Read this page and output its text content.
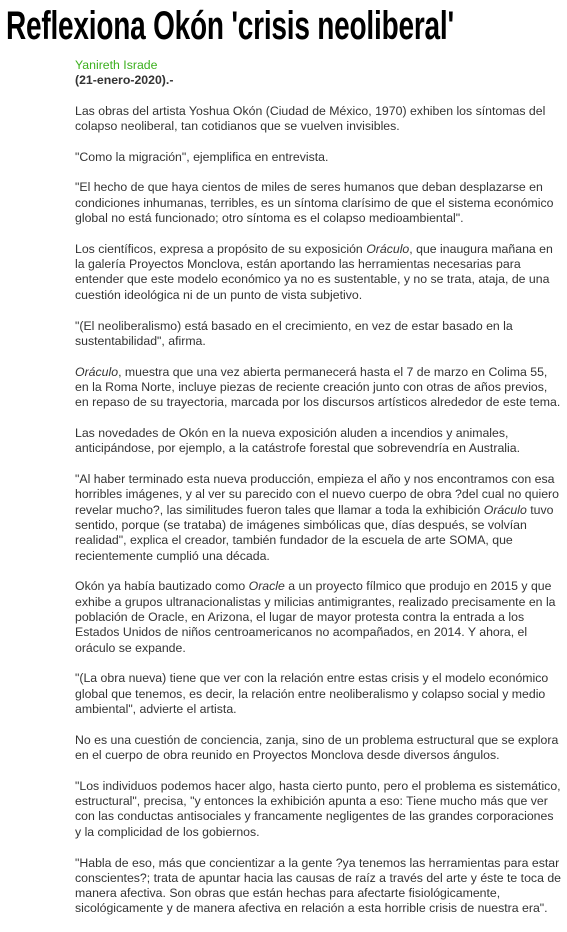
Reflexiona Okón 'crisis neoliberal'
Yanireth Israde
(21-enero-2020).-

Las obras del artista Yoshua Okón (Ciudad de México, 1970) exhiben los síntomas del colapso neoliberal, tan cotidianos que se vuelven invisibles.

"Como la migración", ejemplifica en entrevista.

"El hecho de que haya cientos de miles de seres humanos que deban desplazarse en condiciones inhumanas, terribles, es un síntoma clarísimo de que el sistema económico global no está funcionado; otro síntoma es el colapso medioambiental".

Los científicos, expresa a propósito de su exposición Oráculo, que inaugura mañana en la galería Proyectos Monclova, están aportando las herramientas necesarias para entender que este modelo económico ya no es sustentable, y no se trata, ataja, de una cuestión ideológica ni de un punto de vista subjetivo.

"(El neoliberalismo) está basado en el crecimiento, en vez de estar basado en la sustentabilidad", afirma.

Oráculo, muestra que una vez abierta permanecerá hasta el 7 de marzo en Colima 55, en la Roma Norte, incluye piezas de reciente creación junto con otras de años previos, en repaso de su trayectoria, marcada por los discursos artísticos alrededor de este tema.

Las novedades de Okón en la nueva exposición aluden a incendios y animales, anticipándose, por ejemplo, a la catástrofe forestal que sobrevendría en Australia.

"Al haber terminado esta nueva producción, empieza el año y nos encontramos con esa horribles imágenes, y al ver su parecido con el nuevo cuerpo de obra ?del cual no quiero revelar mucho?, las similitudes fueron tales que llamar a toda la exhibición Oráculo tuvo sentido, porque (se trataba) de imágenes simbólicas que, días después, se volvían realidad", explica el creador, también fundador de la escuela de arte SOMA, que recientemente cumplió una década.

Okón ya había bautizado como Oracle a un proyecto fílmico que produjo en 2015 y que exhibe a grupos ultranacionalistas y milicias antimigrantes, realizado precisamente en la población de Oracle, en Arizona, el lugar de mayor protesta contra la entrada a los Estados Unidos de niños centroamericanos no acompañados, en 2014. Y ahora, el oráculo se expande.

"(La obra nueva) tiene que ver con la relación entre estas crisis y el modelo económico global que tenemos, es decir, la relación entre neoliberalismo y colapso social y medio ambiental", advierte el artista.

No es una cuestión de conciencia, zanja, sino de un problema estructural que se explora en el cuerpo de obra reunido en Proyectos Monclova desde diversos ángulos.

"Los individuos podemos hacer algo, hasta cierto punto, pero el problema es sistemático, estructural", precisa, "y entonces la exhibición apunta a eso: Tiene mucho más que ver con las conductas antisociales y francamente negligentes de las grandes corporaciones y la complicidad de los gobiernos.

"Habla de eso, más que concientizar a la gente ?ya tenemos las herramientas para estar conscientes?; trata de apuntar hacia las causas de raíz a través del arte y éste te toca de manera afectiva. Son obras que están hechas para afectarte fisiológicamente, sicológicamente y de manera afectiva en relación a esta horrible crisis de nuestra era".
